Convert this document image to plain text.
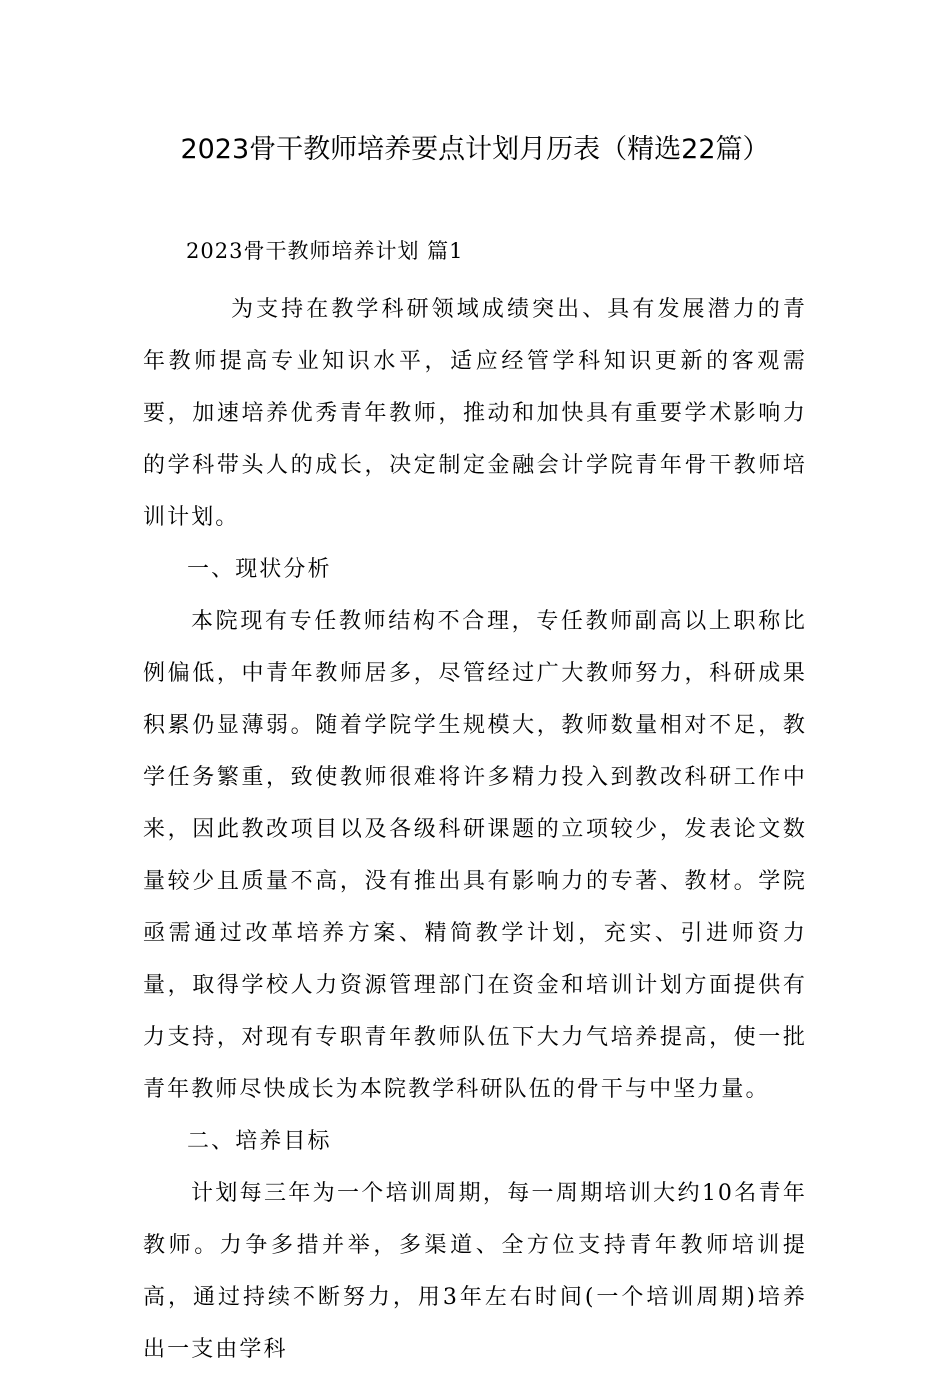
2023骨干教师培养要点计划月历表（精选22篇）
2023骨干教师培养计划 篇1

为支持在教学科研领域成绩突出、具有发展潜力的青年教师提高专业知识水平，适应经管学科知识更新的客观需要，加速培养优秀青年教师，推动和加快具有重要学术影响力的学科带头人的成长，决定制定金融会计学院青年骨干教师培训计划。

一、现状分析

本院现有专任教师结构不合理，专任教师副高以上职称比例偏低，中青年教师居多，尽管经过广大教师努力，科研成果积累仍显薄弱。随着学院学生规模大，教师数量相对不足，教学任务繁重，致使教师很难将许多精力投入到教改科研工作中来，因此教改项目以及各级科研课题的立项较少，发表论文数量较少且质量不高，没有推出具有影响力的专著、教材。学院亟需通过改革培养方案、精简教学计划，充实、引进师资力量，取得学校人力资源管理部门在资金和培训计划方面提供有力支持，对现有专职青年教师队伍下大力气培养提高，使一批青年教师尽快成长为本院教学科研队伍的骨干与中坚力量。

二、培养目标

计划每三年为一个培训周期，每一周期培训大约10名青年教师。力争多措并举，多渠道、全方位支持青年教师培训提高，通过持续不断努力，用3年左右时间(一个培训周期)培养出一支由学科
